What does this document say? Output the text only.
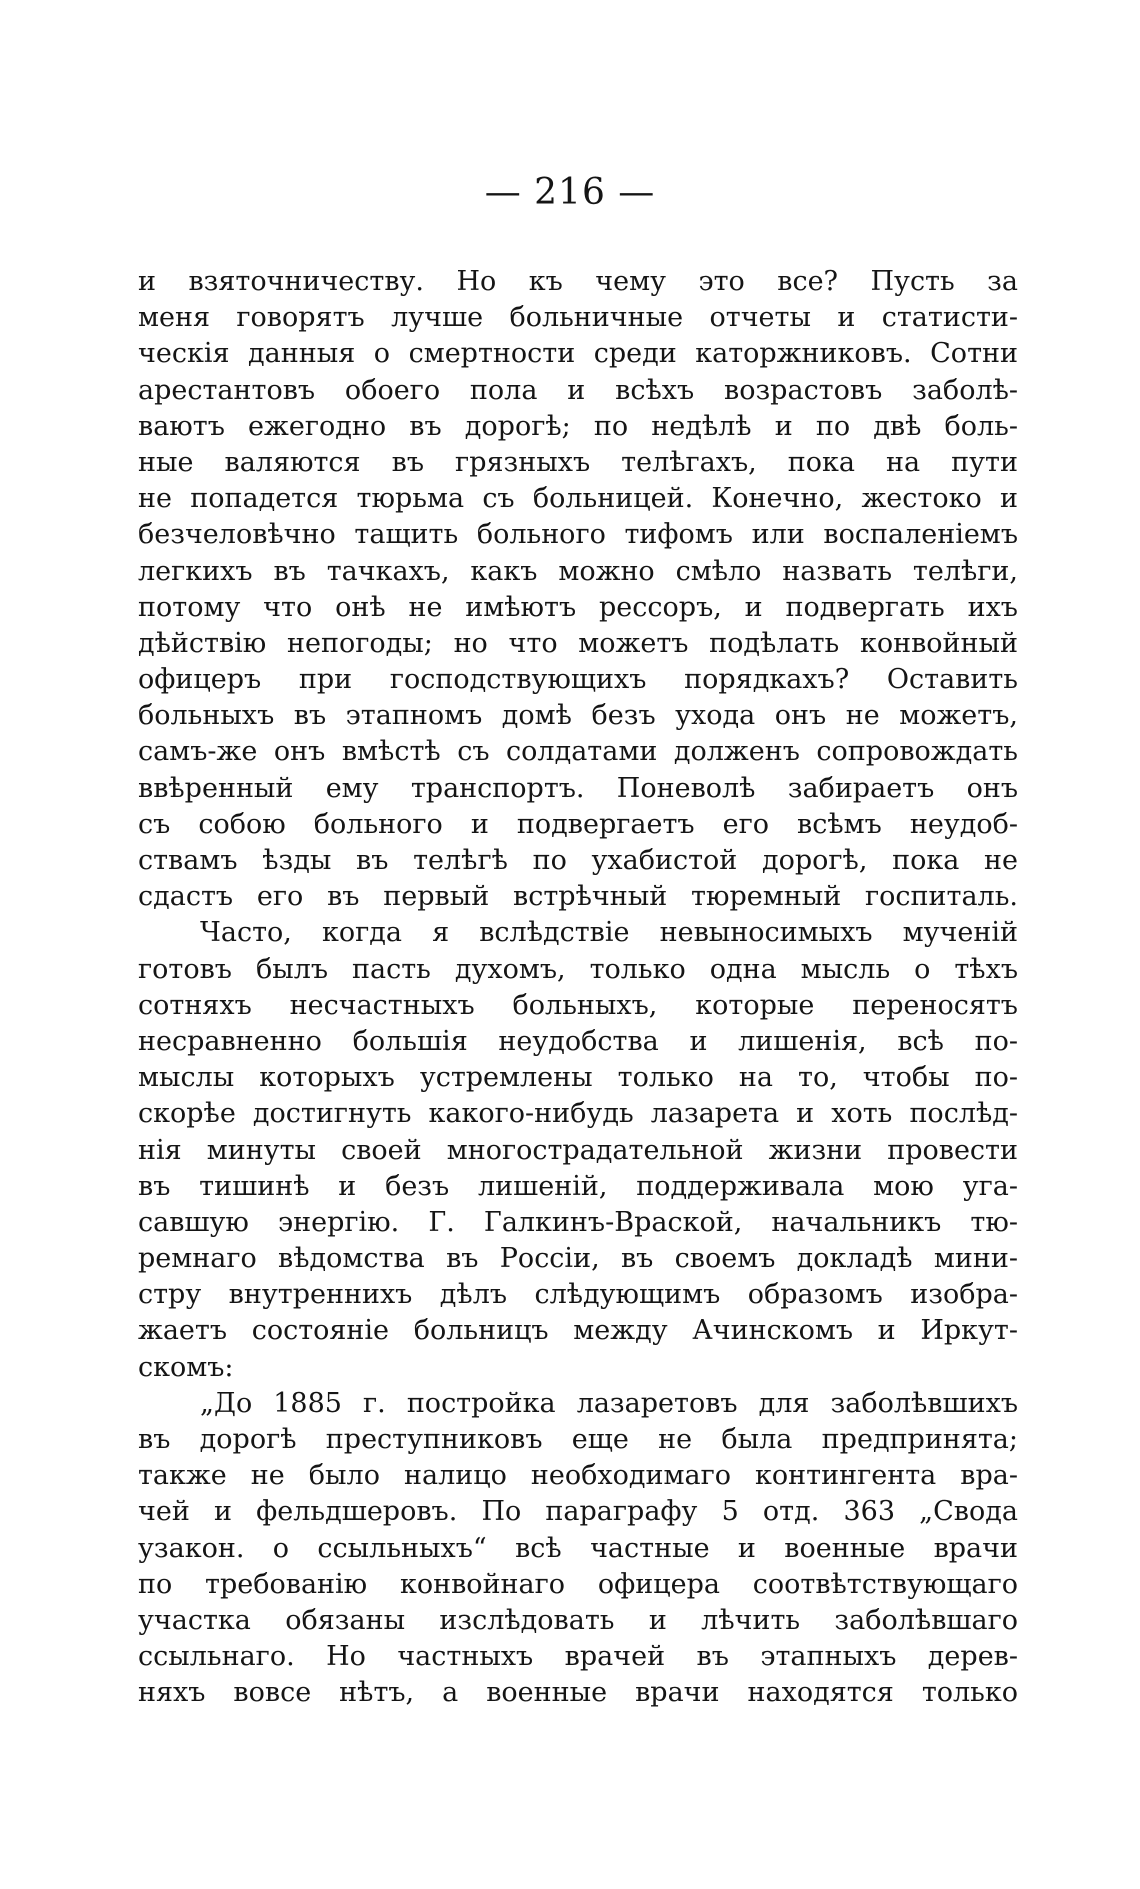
— 216 —
и взяточничеству. Но къ чему это все? Пусть за
меня говорятъ лучше больничные отчеты и статисти-
ческія данныя о смертности среди каторжниковъ. Сотни
арестантовъ обоего пола и всѣхъ возрастовъ заболѣ-
ваютъ ежегодно въ дорогѣ; по недѣлѣ и по двѣ боль-
ные валяются въ грязныхъ телѣгахъ, пока на пути
не попадется тюрьма съ больницей. Конечно, жестоко и
безчеловѣчно тащить больного тифомъ или воспаленіемъ
легкихъ въ тачкахъ, какъ можно смѣло назвать телѣги,
потому что онѣ не имѣютъ рессоръ, и подвергать ихъ
дѣйствію непогоды; но что можетъ подѣлать конвойный
офицеръ при господствующихъ порядкахъ? Оставить
больныхъ въ этапномъ домѣ безъ ухода онъ не можетъ,
самъ-же онъ вмѣстѣ съ солдатами долженъ сопровождать
ввѣренный ему транспортъ. Поневолѣ забираетъ онъ
съ собою больного и подвергаетъ его всѣмъ неудоб-
ствамъ ѣзды въ телѣгѣ по ухабистой дорогѣ, пока не
сдастъ его въ первый встрѣчный тюремный госпиталь.
Часто, когда я вслѣдствіе невыносимыхъ мученій
готовъ былъ пасть духомъ, только одна мысль о тѣхъ
сотняхъ несчастныхъ больныхъ, которые переносятъ
несравненно большія неудобства и лишенія, всѣ по-
мыслы которыхъ устремлены только на то, чтобы по-
скорѣе достигнуть какого-нибудь лазарета и хоть послѣд-
нія минуты своей многострадательной жизни провести
въ тишинѣ и безъ лишеній, поддерживала мою уга-
савшую энергію. Г. Галкинъ-Враской, начальникъ тю-
ремнаго вѣдомства въ Россіи, въ своемъ докладѣ мини-
стру внутреннихъ дѣлъ слѣдующимъ образомъ изобра-
жаетъ состояніе больницъ между Ачинскомъ и Иркут-
скомъ:
„До 1885 г. постройка лазаретовъ для заболѣвшихъ
въ дорогѣ преступниковъ еще не была предпринята;
также не было налицо необходимаго контингента вра-
чей и фельдшеровъ. По параграфу 5 отд. 363 „Свода
узакон. о ссыльныхъ“ всѣ частные и военные врачи
по требованію конвойнаго офицера соотвѣтствующаго
участка обязаны изслѣдовать и лѣчить заболѣвшаго
ссыльнаго. Но частныхъ врачей въ этапныхъ дерев-
няхъ вовсе нѣтъ, а военные врачи находятся только
